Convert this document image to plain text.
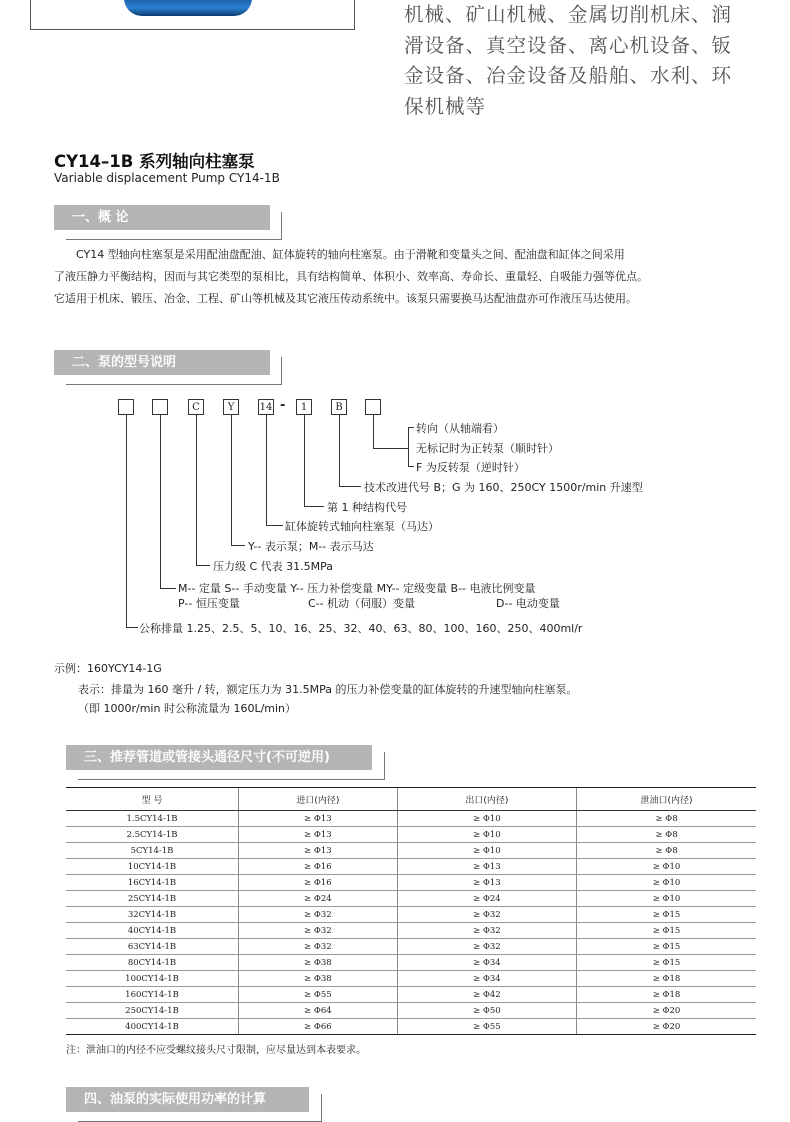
机械、矿山机械、金属切削机床、润
滑设备、真空设备、离心机设备、钣
金设备、冶金设备及船舶、水利、环
保机械等
CY14–1B 系列轴向柱塞泵
Variable displacement Pump CY14-1B
一、概 论
　　CY14 型轴向柱塞泵是采用配油盘配油、缸体旋转的轴向柱塞泵。由于滑靴和变量头之间、配油盘和缸体之间采用
了液压静力平衡结构，因而与其它类型的泵相比，具有结构简单、体积小、效率高、寿命长、重量轻、自吸能力强等优点。
它适用于机床、锻压、冶金、工程、矿山等机械及其它液压传动系统中。该泵只需要换马达配油盘亦可作液压马达使用。
二、泵的型号说明
C	Y	14 -	1	B
转向（从轴端看）
无标记时为正转泵（顺时针）
F 为反转泵（逆时针）
技术改进代号 B；G 为 160、250CY 1500r/min 升速型
第 1 种结构代号
缸体旋转式轴向柱塞泵（马达）
Y-- 表示泵；M-- 表示马达
压力级 C 代表 31.5MPa
M-- 定量 S-- 手动变量 Y-- 压力补偿变量 MY-- 定级变量 B-- 电液比例变量
P-- 恒压变量	C-- 机动（伺服）变量	D-- 电动变量
公称排量 1.25、2.5、5、10、16、25、32、40、63、80、100、160、250、400ml/r
示例：160YCY14-1G
表示：排量为 160 毫升 / 转，额定压力为 31.5MPa 的压力补偿变量的缸体旋转的升速型轴向柱塞泵。
（即 1000r/min 时公称流量为 160L/min）
三、推荐管道或管接头通径尺寸(不可逆用)
型 号	进口(内径)	出口(内径)	泄油口(内径)
1.5CY14-1B	≥ Φ13	≥ Φ10	≥ Φ8
2.5CY14-1B	≥ Φ13	≥ Φ10	≥ Φ8
5CY14-1B	≥ Φ13	≥ Φ10	≥ Φ8
10CY14-1B	≥ Φ16	≥ Φ13	≥ Φ10
16CY14-1B	≥ Φ16	≥ Φ13	≥ Φ10
25CY14-1B	≥ Φ24	≥ Φ24	≥ Φ10
32CY14-1B	≥ Φ32	≥ Φ32	≥ Φ15
40CY14-1B	≥ Φ32	≥ Φ32	≥ Φ15
63CY14-1B	≥ Φ32	≥ Φ32	≥ Φ15
80CY14-1B	≥ Φ38	≥ Φ34	≥ Φ15
100CY14-1B	≥ Φ38	≥ Φ34	≥ Φ18
160CY14-1B	≥ Φ55	≥ Φ42	≥ Φ18
250CY14-1B	≥ Φ64	≥ Φ50	≥ Φ20
400CY14-1B	≥ Φ66	≥ Φ55	≥ Φ20
注：泄油口的内径不应受螺纹接头尺寸限制，应尽量达到本表要求。
四、油泵的实际使用功率的计算
